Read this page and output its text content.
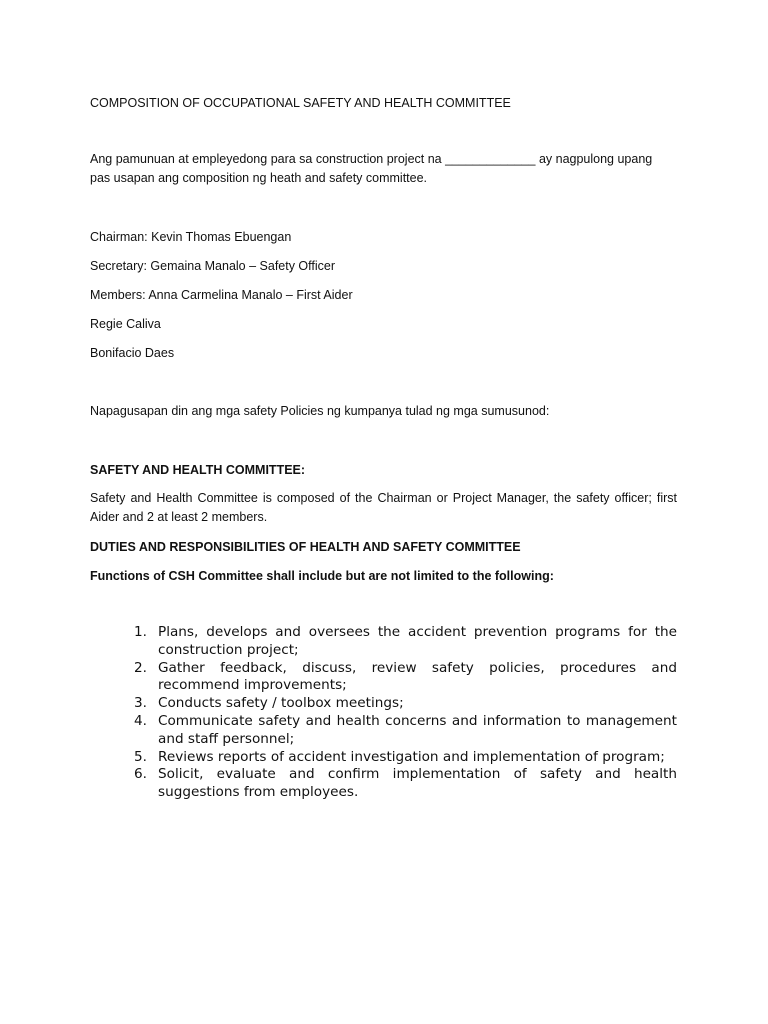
COMPOSITION OF OCCUPATIONAL SAFETY AND HEALTH COMMITTEE

Ang pamunuan at empleyedong para sa construction project na _____________ ay nagpulong upang pas usapan ang composition ng heath and safety committee.

Chairman: Kevin Thomas Ebuengan

Secretary: Gemaina Manalo – Safety Officer

Members: Anna Carmelina Manalo – First Aider

Regie Caliva

Bonifacio Daes

Napagusapan din ang mga safety Policies ng kumpanya tulad ng mga sumusunod:

SAFETY AND HEALTH COMMITTEE:

Safety and Health Committee is composed of the Chairman or Project Manager, the safety officer; first Aider and 2 at least 2 members.

DUTIES AND RESPONSIBILITIES OF HEALTH AND SAFETY COMMITTEE

Functions of CSH Committee shall include but are not limited to the following:

Plans, develops and oversees the accident prevention programs for the construction project;
Gather feedback, discuss, review safety policies, procedures and recommend improvements;
Conducts safety / toolbox meetings;
Communicate safety and health concerns and information to management and staff personnel;
Reviews reports of accident investigation and implementation of program;
Solicit, evaluate and confirm implementation of safety and health suggestions from employees.
